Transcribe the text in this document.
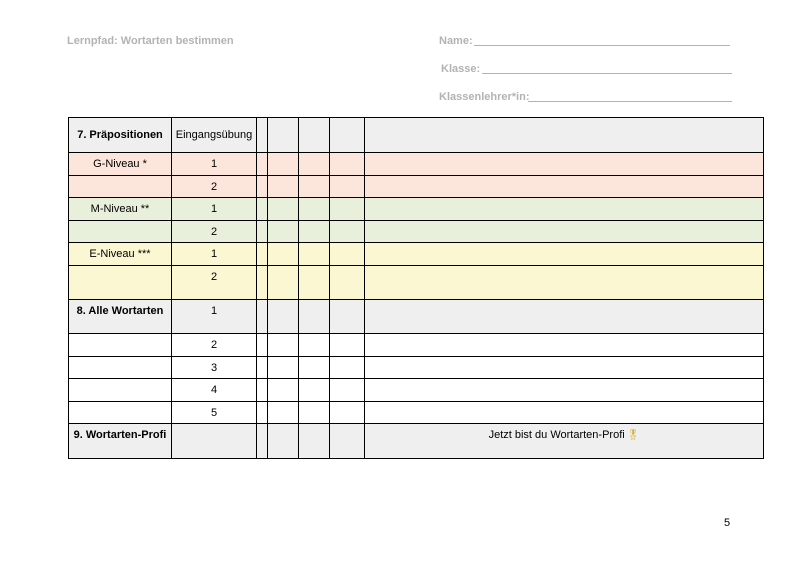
Lernpfad: Wortarten bestimmen	Name:
Klasse:
Klassenlehrer*in:
7. Präpositionen	Eingangsübung					
G-Niveau *	1					
	2					
M-Niveau **	1					
	2					
E-Niveau ***	1					
	2					
8. Alle Wortarten	1					
	2					
	3					
	4					
	5					
9. Wortarten-Profi						Jetzt bist du Wortarten-Profi 🎖
5
